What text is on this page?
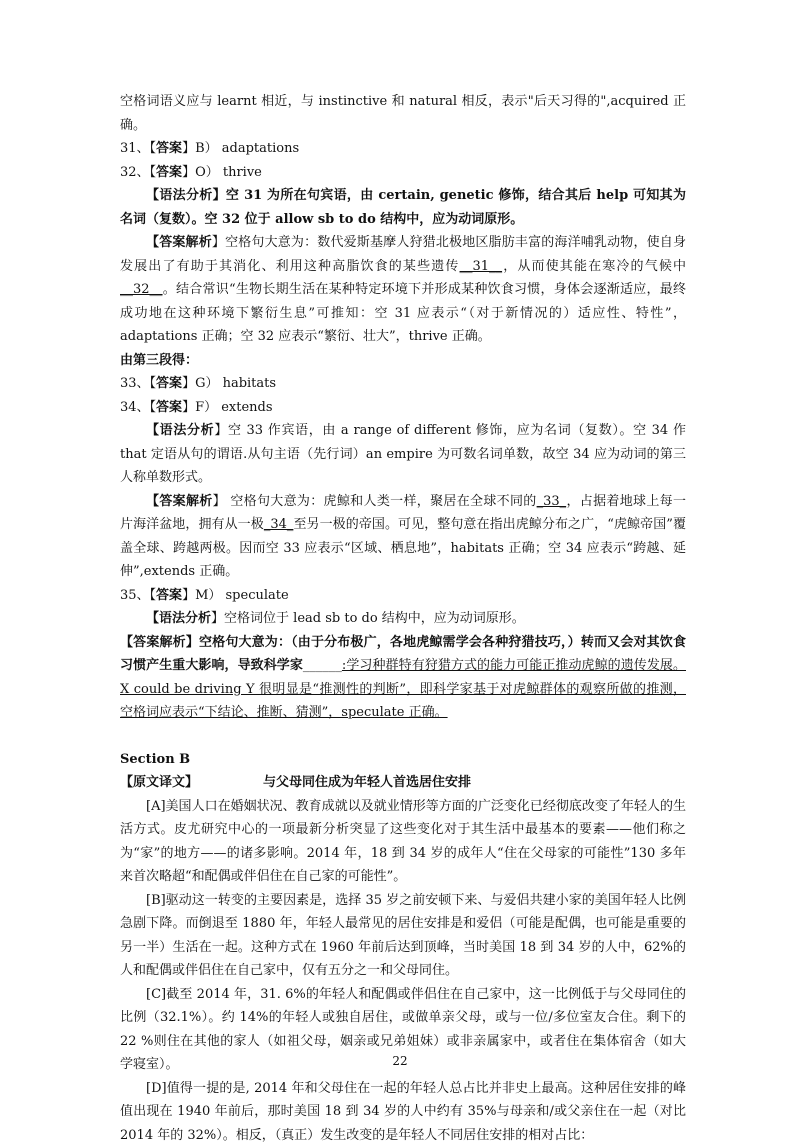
空格词语义应与 learnt 相近，与 instinctive 和 natural 相反，表示"后天习得的",acquired 正确。

31、【答案】B） adaptations

32、【答案】O） thrive

【语法分析】空 31 为所在句宾语，由 certain, genetic 修饰，结合其后 help 可知其为名词（复数）。空 32 位于 allow sb to do 结构中，应为动词原形。

【答案解析】空格句大意为：数代爱斯基摩人狩猎北极地区脂肪丰富的海洋哺乳动物，使自身发展出了有助于其消化、利用这种高脂饮食的某些遗传__31__，从而使其能在寒冷的气候中__32__。结合常识“生物长期生活在某种特定环境下并形成某种饮食习惯，身体会逐渐适应，最终成功地在这种环境下繁衍生息”可推知：空 31 应表示“（对于新情况的）适应性、特性”，adaptations 正确；空 32 应表示“繁衍、壮大”，thrive 正确。

由第三段得：

33、【答案】G） habitats

34、【答案】F） extends

【语法分析】空 33 作宾语，由 a range of different 修饰，应为名词（复数）。空 34 作 that 定语从句的谓语.从句主语（先行词）an empire 为可数名词单数，故空 34 应为动词的第三人称单数形式。

【答案解析】 空格句大意为：虎鲸和人类一样，聚居在全球不同的_33_，占据着地球上每一片海洋盆地，拥有从一极_34_至另一极的帝国。可见，整句意在指出虎鲸分布之广，“虎鲸帝国”覆盖全球、跨越两极。因而空 33 应表示“区域、栖息地”，habitats 正确；空 34 应表示“跨越、延伸”,extends 正确。

35、【答案】M） speculate

【语法分析】空格词位于 lead sb to do 结构中，应为动词原形。

【答案解析】空格句大意为：（由于分布极广，各地虎鲸需学会各种狩猎技巧，）转而又会对其饮食习惯产生重大影响，导致科学家______:学习种群特有狩猎方式的能力可能正推动虎鲸的遗传发展。X could be driving Y 很明显是“推测性的判断”，即科学家基于对虎鲸群体的观察所做的推测，空格词应表示“下结论、推断、猜测”，speculate 正确。

Section B

【原文译文】	与父母同住成为年轻人首选居住安排

[A]美国人口在婚姻状况、教育成就以及就业情形等方面的广泛变化已经彻底改变了年轻人的生活方式。皮尤研究中心的一项最新分析突显了这些变化对于其生活中最基本的要素——他们称之为“家”的地方——的诸多影响。2014 年，18 到 34 岁的成年人“住在父母家的可能性”130 多年来首次略超“和配偶或伴侣住在自己家的可能性”。

[B]驱动这一转变的主要因素是，选择 35 岁之前安顿下来、与爱侣共建小家的美国年轻人比例急剧下降。而倒退至 1880 年，年轻人最常见的居住安排是和爱侣（可能是配偶，也可能是重要的另一半）生活在一起。这种方式在 1960 年前后达到顶峰，当时美国 18 到 34 岁的人中，62%的人和配偶或伴侣住在自己家中，仅有五分之一和父母同住。

[C]截至 2014 年，31. 6%的年轻人和配偶或伴侣住在自己家中，这一比例低于与父母同住的比例（32.1%）。约 14%的年轻人或独自居住，或做单亲父母，或与一位/多位室友合住。剩下的 22 %则住在其他的家人（如祖父母，姻亲或兄弟姐妹）或非亲属家中，或者住在集体宿舍（如大学寝室）。

[D]值得一提的是, 2014 年和父母住在一起的年轻人总占比并非史上最高。这种居住安排的峰值出现在 1940 年前后，那时美国 18 到 34 岁的人中约有 35%与母亲和/或父亲住在一起（对比 2014 年的 32%）。相反，（真正）发生改变的是年轻人不同居住安排的相对占比：

22
